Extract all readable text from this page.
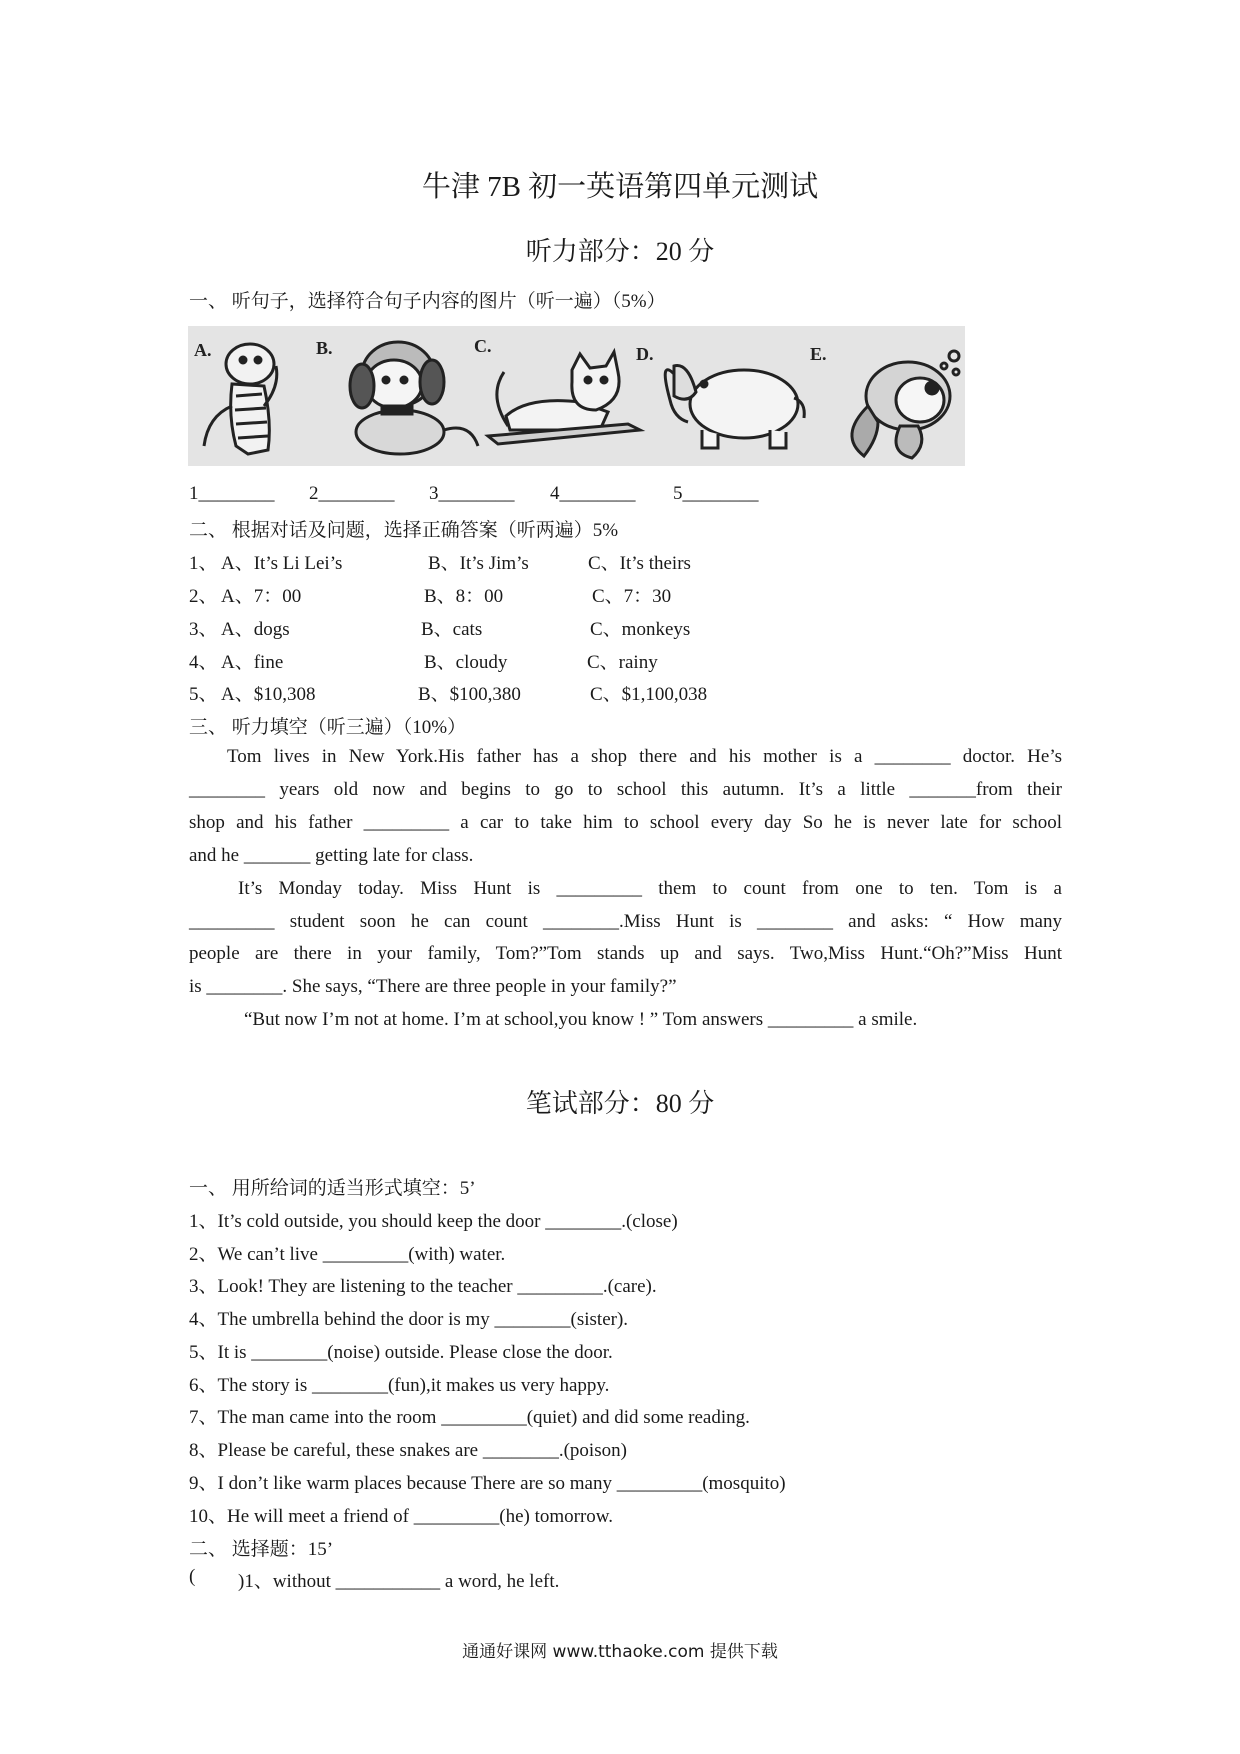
牛津 7B 初一英语第四单元测试
听力部分：20 分
一、 听句子，选择符合句子内容的图片（听一遍）（5%）
A.	B.	C.	D.	E.
1________ 2________ 3________ 4________ 5________
二、 根据对话及问题，选择正确答案（听两遍）5%
1、 A、It’s Li Lei’s	B、It’s Jim’s	C、It’s theirs
2、 A、7：00	B、8：00	C、7：30
3、 A、dogs	B、cats	C、monkeys
4、 A、fine	B、cloudy	C、rainy
5、 A、$10,308	B、$100,380	C、$1,100,038
三、 听力填空（听三遍）（10%）
Tom lives in New York.His father has a shop there and his mother is a ________ doctor. He’s
________ years old now and begins to go to school this autumn. It’s a little _______from their
shop and his father _________ a car to take him to school every day So he is never late for school
and he _______ getting late for class.
It’s Monday today. Miss Hunt is _________ them to count from one to ten. Tom is a
_________ student soon he can count ________.Miss Hunt is ________ and asks: “ How many
people are there in your family, Tom?”Tom stands up and says. Two,Miss Hunt.“Oh?”Miss Hunt
is ________. She says, “There are three people in your family?”
“But now I’m not at home. I’m at school,you know ! ” Tom answers _________ a smile.
笔试部分：80 分
一、 用所给词的适当形式填空：5’
1、It’s cold outside, you should keep the door ________.(close)
2、We can’t live _________(with) water.
3、Look! They are listening to the teacher _________.(care).
4、The umbrella behind the door is my ________(sister).
5、It is ________(noise) outside. Please close the door.
6、The story is ________(fun),it makes us very happy.
7、The man came into the room _________(quiet) and did some reading.
8、Please be careful, these snakes are ________.(poison)
9、I don’t like warm places because There are so many _________(mosquito)
10、He will meet a friend of _________(he) tomorrow.
二、 选择题：15’
( )1、without ___________ a word, he left.
通通好课网 www.tthaoke.com 提供下载
